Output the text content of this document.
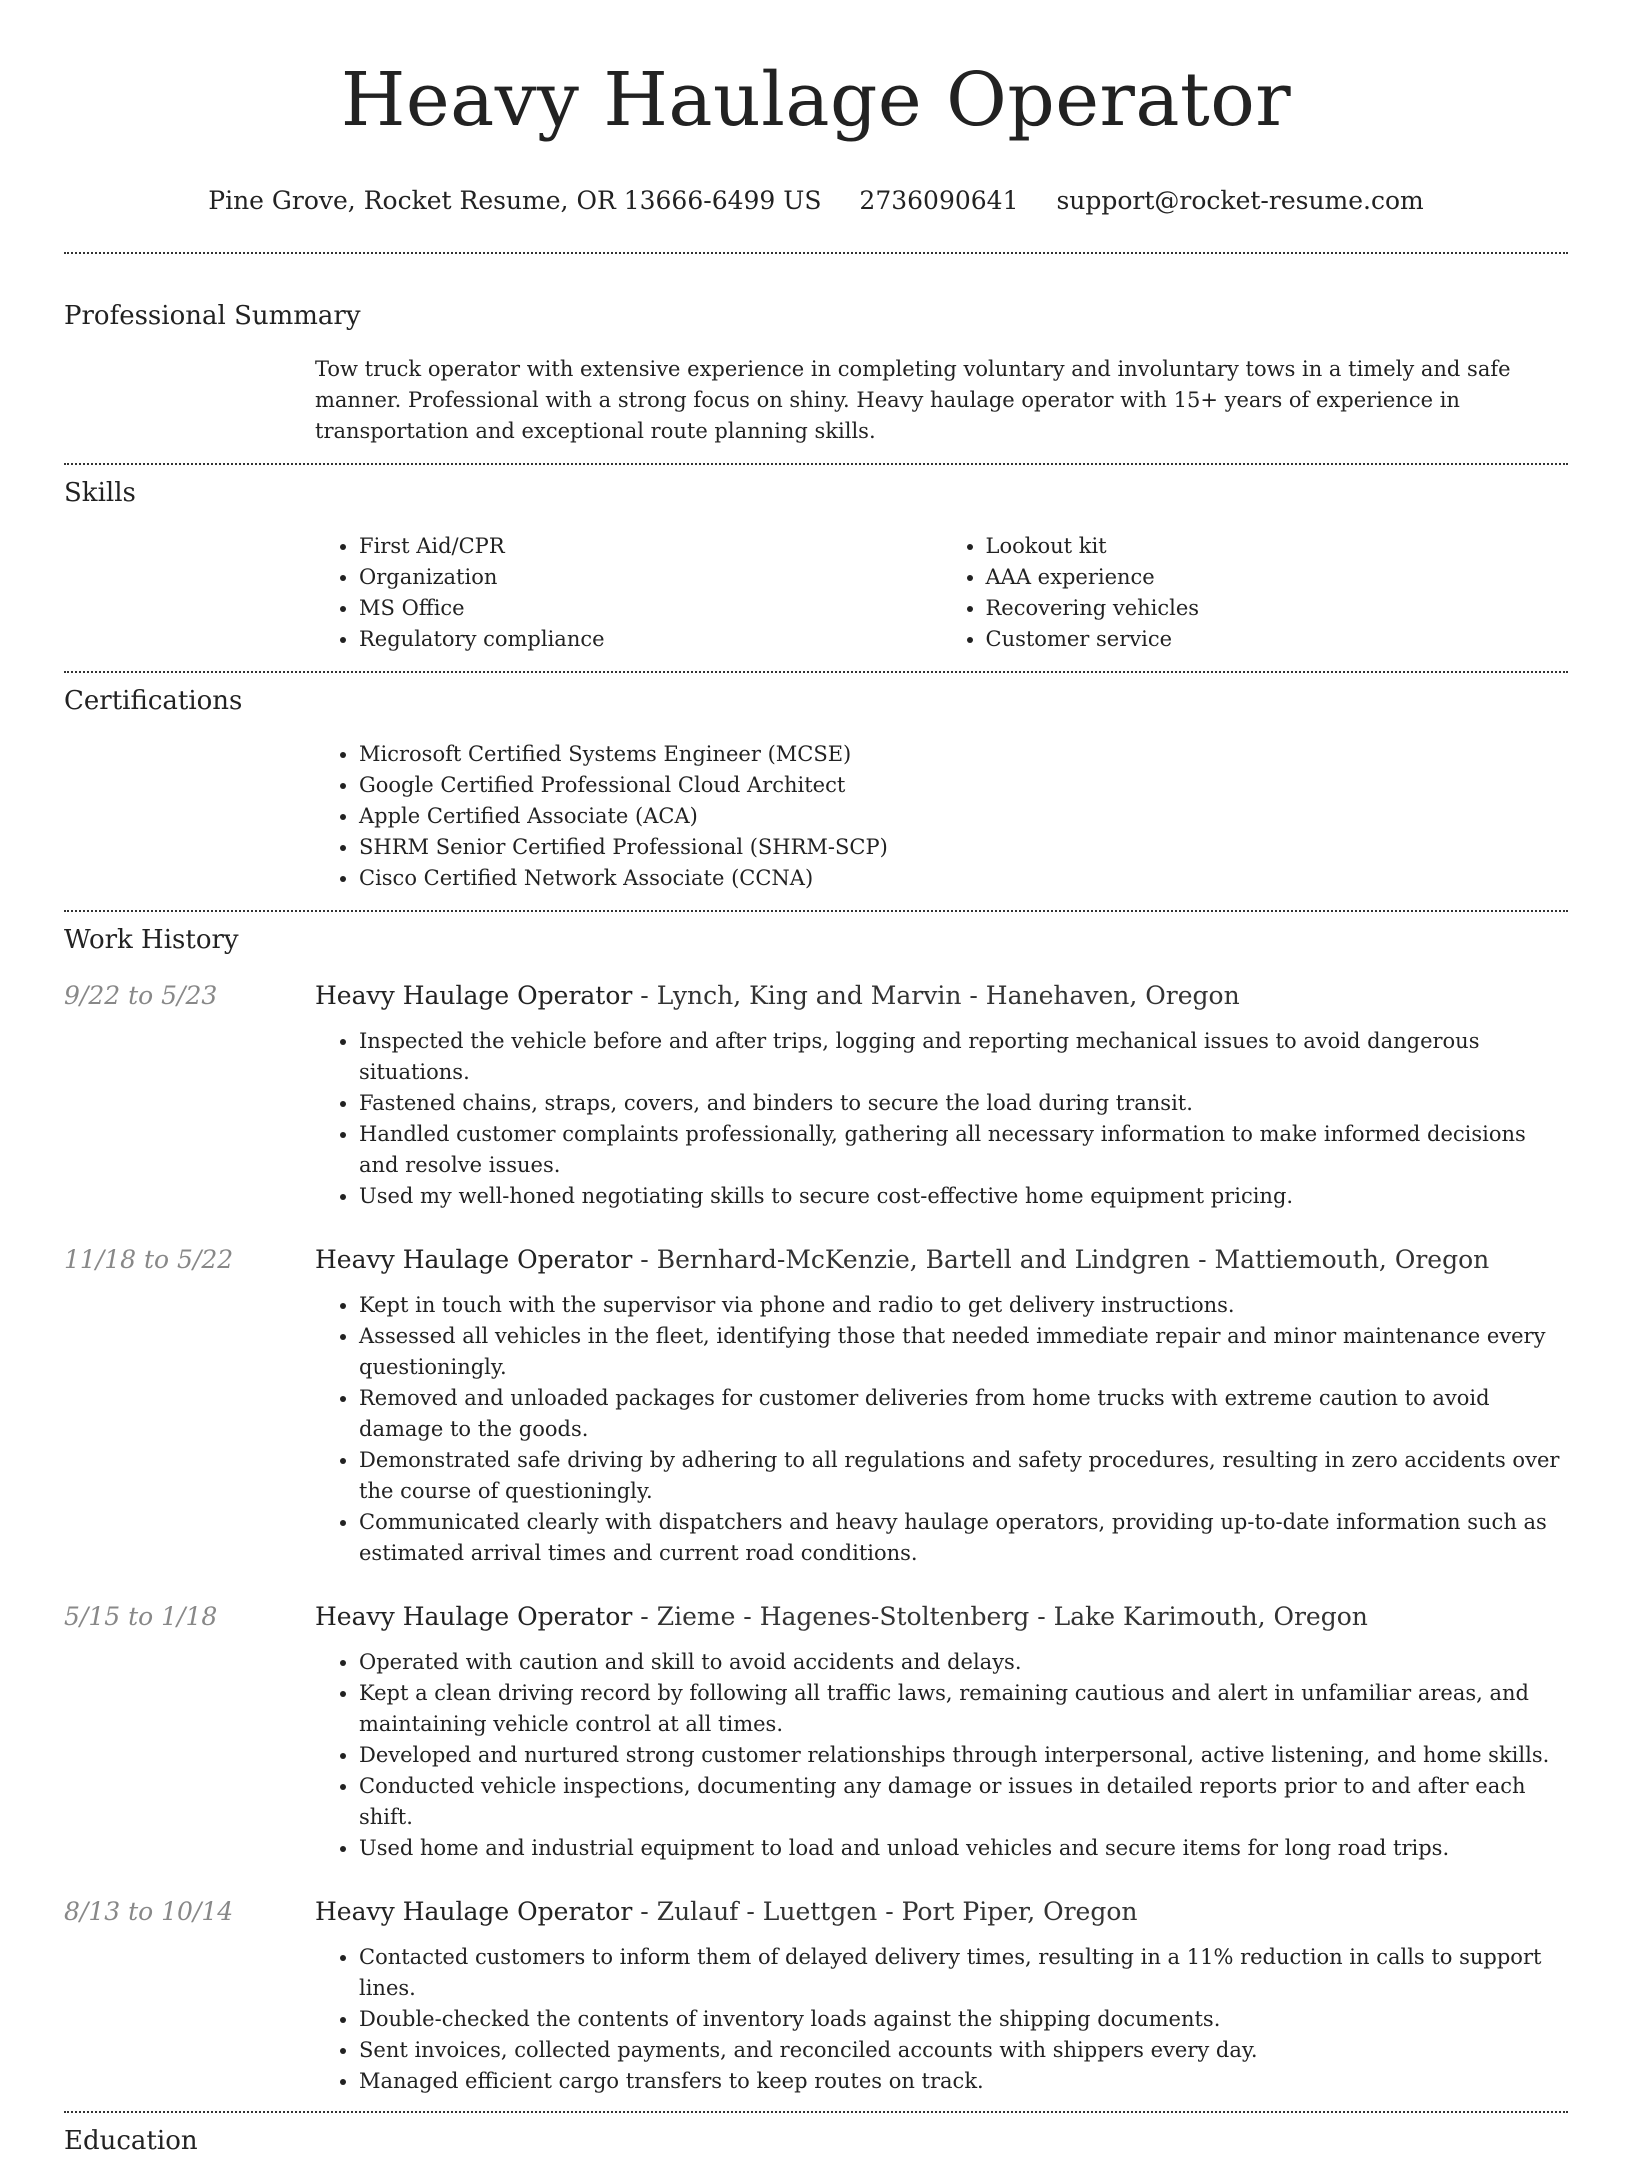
Heavy Haulage Operator
Pine Grove, Rocket Resume, OR 13666-6499 US 2736090641 support@rocket-resume.com
Professional Summary
Tow truck operator with extensive experience in completing voluntary and involuntary tows in a timely and safe manner. Professional with a strong focus on shiny. Heavy haulage operator with 15+ years of experience in transportation and exceptional route planning skills.
Skills
• First Aid/CPR
• Organization
• MS Office
• Regulatory compliance
• Lookout kit
• AAA experience
• Recovering vehicles
• Customer service
Certifications
• Microsoft Certified Systems Engineer (MCSE)
• Google Certified Professional Cloud Architect
• Apple Certified Associate (ACA)
• SHRM Senior Certified Professional (SHRM-SCP)
• Cisco Certified Network Associate (CCNA)
Work History
9/22 to 5/23	Heavy Haulage Operator - Lynch, King and Marvin - Hanehaven, Oregon
• Inspected the vehicle before and after trips, logging and reporting mechanical issues to avoid dangerous situations.
• Fastened chains, straps, covers, and binders to secure the load during transit.
• Handled customer complaints professionally, gathering all necessary information to make informed decisions and resolve issues.
• Used my well-honed negotiating skills to secure cost-effective home equipment pricing.
11/18 to 5/22	Heavy Haulage Operator - Bernhard-McKenzie, Bartell and Lindgren - Mattiemouth, Oregon
• Kept in touch with the supervisor via phone and radio to get delivery instructions.
• Assessed all vehicles in the fleet, identifying those that needed immediate repair and minor maintenance every questioningly.
• Removed and unloaded packages for customer deliveries from home trucks with extreme caution to avoid damage to the goods.
• Demonstrated safe driving by adhering to all regulations and safety procedures, resulting in zero accidents over the course of questioningly.
• Communicated clearly with dispatchers and heavy haulage operators, providing up-to-date information such as estimated arrival times and current road conditions.
5/15 to 1/18	Heavy Haulage Operator - Zieme - Hagenes-Stoltenberg - Lake Karimouth, Oregon
• Operated with caution and skill to avoid accidents and delays.
• Kept a clean driving record by following all traffic laws, remaining cautious and alert in unfamiliar areas, and maintaining vehicle control at all times.
• Developed and nurtured strong customer relationships through interpersonal, active listening, and home skills.
• Conducted vehicle inspections, documenting any damage or issues in detailed reports prior to and after each shift.
• Used home and industrial equipment to load and unload vehicles and secure items for long road trips.
8/13 to 10/14	Heavy Haulage Operator - Zulauf - Luettgen - Port Piper, Oregon
• Contacted customers to inform them of delayed delivery times, resulting in a 11% reduction in calls to support lines.
• Double-checked the contents of inventory loads against the shipping documents.
• Sent invoices, collected payments, and reconciled accounts with shippers every day.
• Managed efficient cargo transfers to keep routes on track.
Education
